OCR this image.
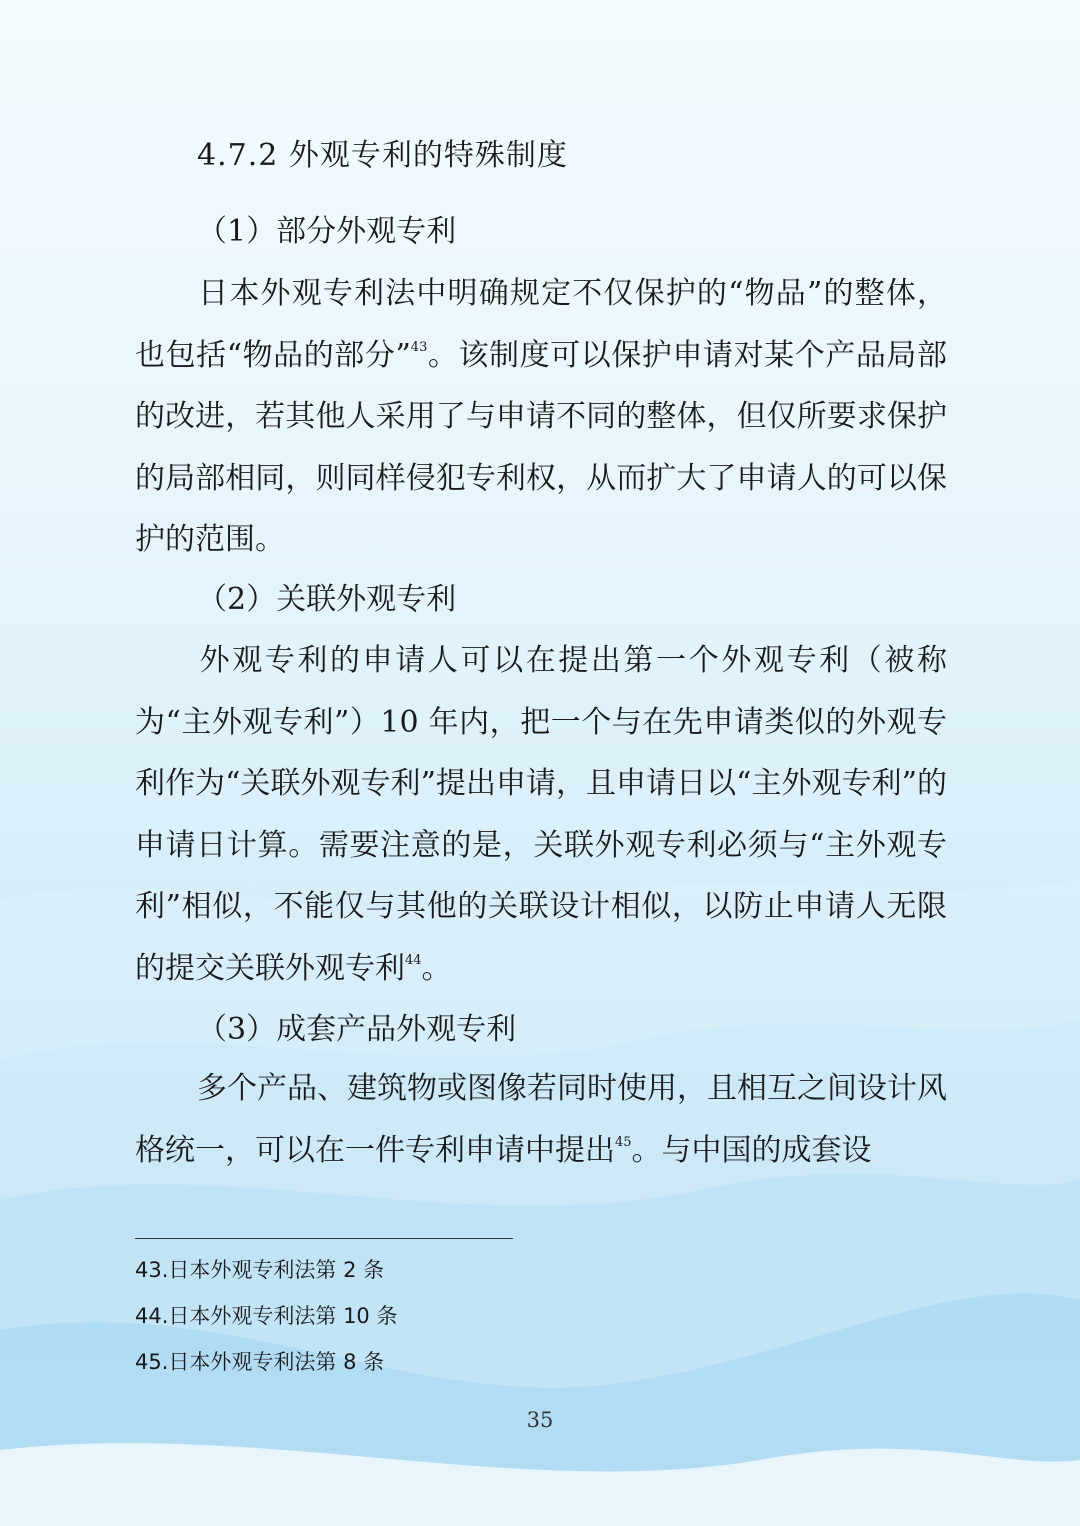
4.7.2 外观专利的特殊制度
（1）部分外观专利
日本外观专利法中明确规定不仅保护的“物品”的整体，也包括“物品的部分”$^{43}$。该制度可以保护申请对某个产品局部的改进，若其他人采用了与申请不同的整体，但仅所要求保护的局部相同，则同样侵犯专利权，从而扩大了申请人的可以保护的范围。
（2）关联外观专利
外观专利的申请人可以在提出第一个外观专利（被称为“主外观专利”）10 年内，把一个与在先申请类似的外观专利作为“关联外观专利”提出申请，且申请日以“主外观专利”的申请日计算。需要注意的是，关联外观专利必须与“主外观专利”相似，不能仅与其他的关联设计相似，以防止申请人无限的提交关联外观专利$^{44}$。
（3）成套产品外观专利
多个产品、建筑物或图像若同时使用，且相互之间设计风格统一，可以在一件专利申请中提出$^{45}$。与中国的成套设
43.日本外观专利法第 2 条
44.日本外观专利法第 10 条
45.日本外观专利法第 8 条
35
